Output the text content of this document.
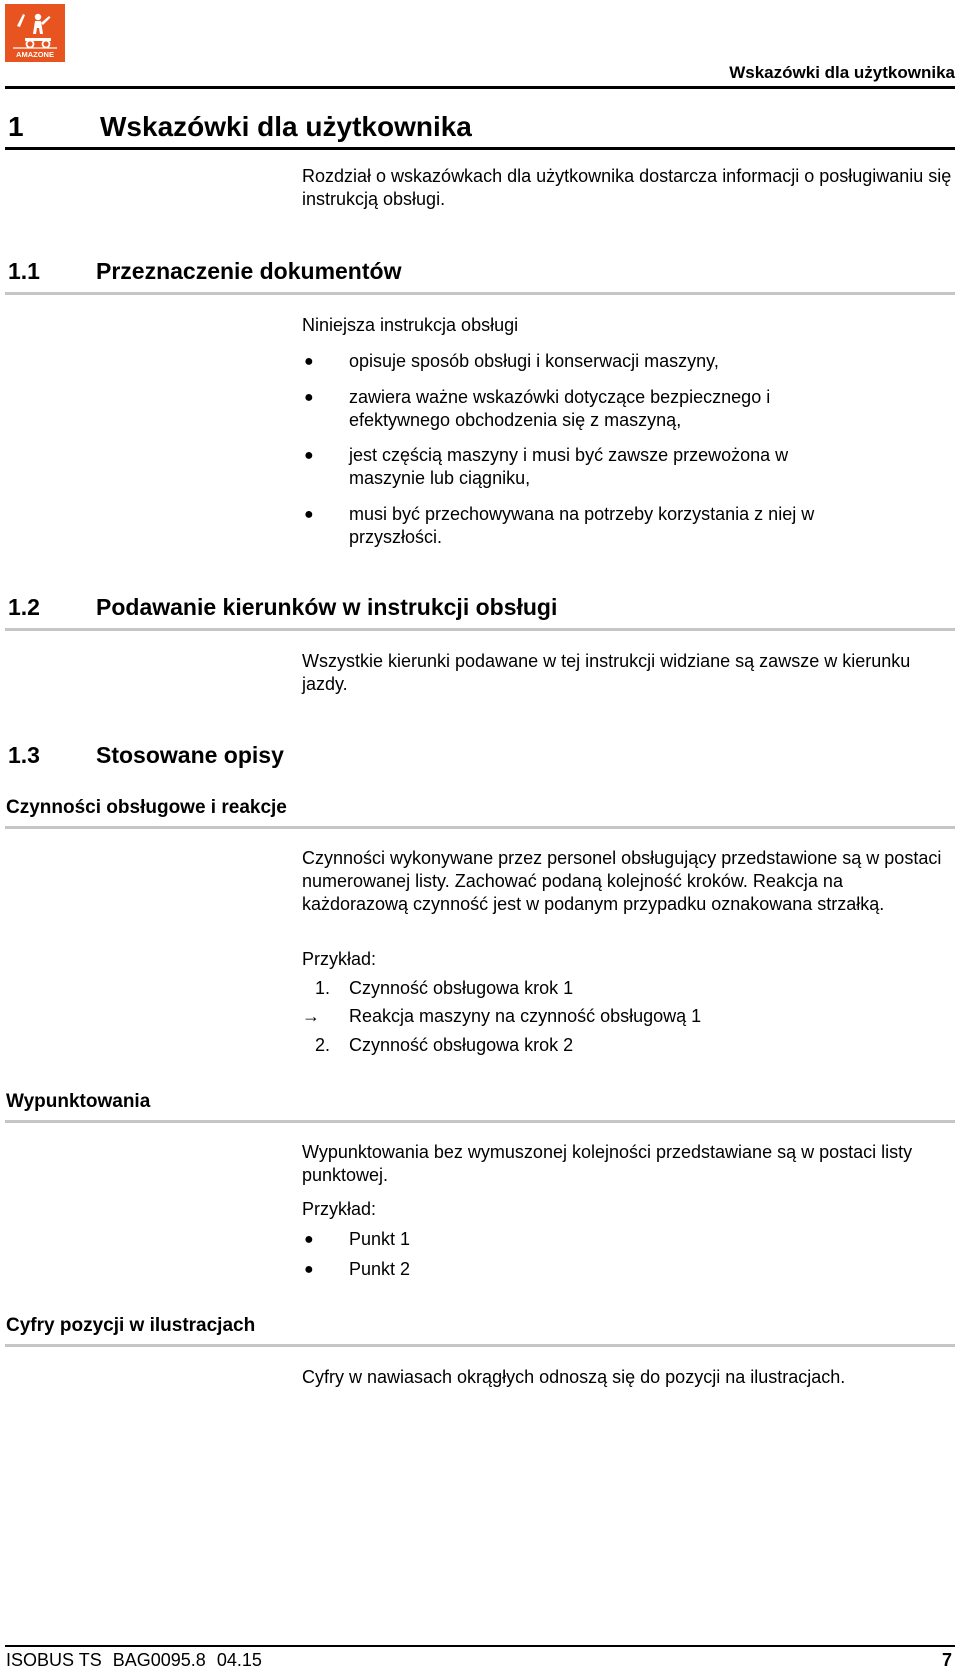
AMAZONE
Wskazówki dla użytkownika
1	Wskazówki dla użytkownika
Rozdział o wskazówkach dla użytkownika dostarcza informacji o posługiwaniu się instrukcją obsługi.
1.1 Przeznaczenie dokumentów
Niniejsza instrukcja obsługi
●	opisuje sposób obsługi i konserwacji maszyny,
●	zawiera ważne wskazówki dotyczące bezpiecznego i efektywnego obchodzenia się z maszyną,
●	jest częścią maszyny i musi być zawsze przewożona w maszynie lub ciągniku,
●	musi być przechowywana na potrzeby korzystania z niej w przyszłości.
1.2 Podawanie kierunków w instrukcji obsługi
Wszystkie kierunki podawane w tej instrukcji widziane są zawsze w kierunku jazdy.
1.3 Stosowane opisy
Czynności obsługowe i reakcje
Czynności wykonywane przez personel obsługujący przedstawione są w postaci numerowanej listy. Zachować podaną kolejność kroków. Reakcja na każdorazową czynność jest w podanym przypadku oznakowana strzałką.
Przykład:
1.	Czynność obsługowa krok 1
→	Reakcja maszyny na czynność obsługową 1
2.	Czynność obsługowa krok 2
Wypunktowania
Wypunktowania bez wymuszonej kolejności przedstawiane są w postaci listy punktowej.
Przykład:
●	Punkt 1
●	Punkt 2
Cyfry pozycji w ilustracjach
Cyfry w nawiasach okrągłych odnoszą się do pozycji na ilustracjach.
ISOBUS TS BAG0095.8 04.15	7
